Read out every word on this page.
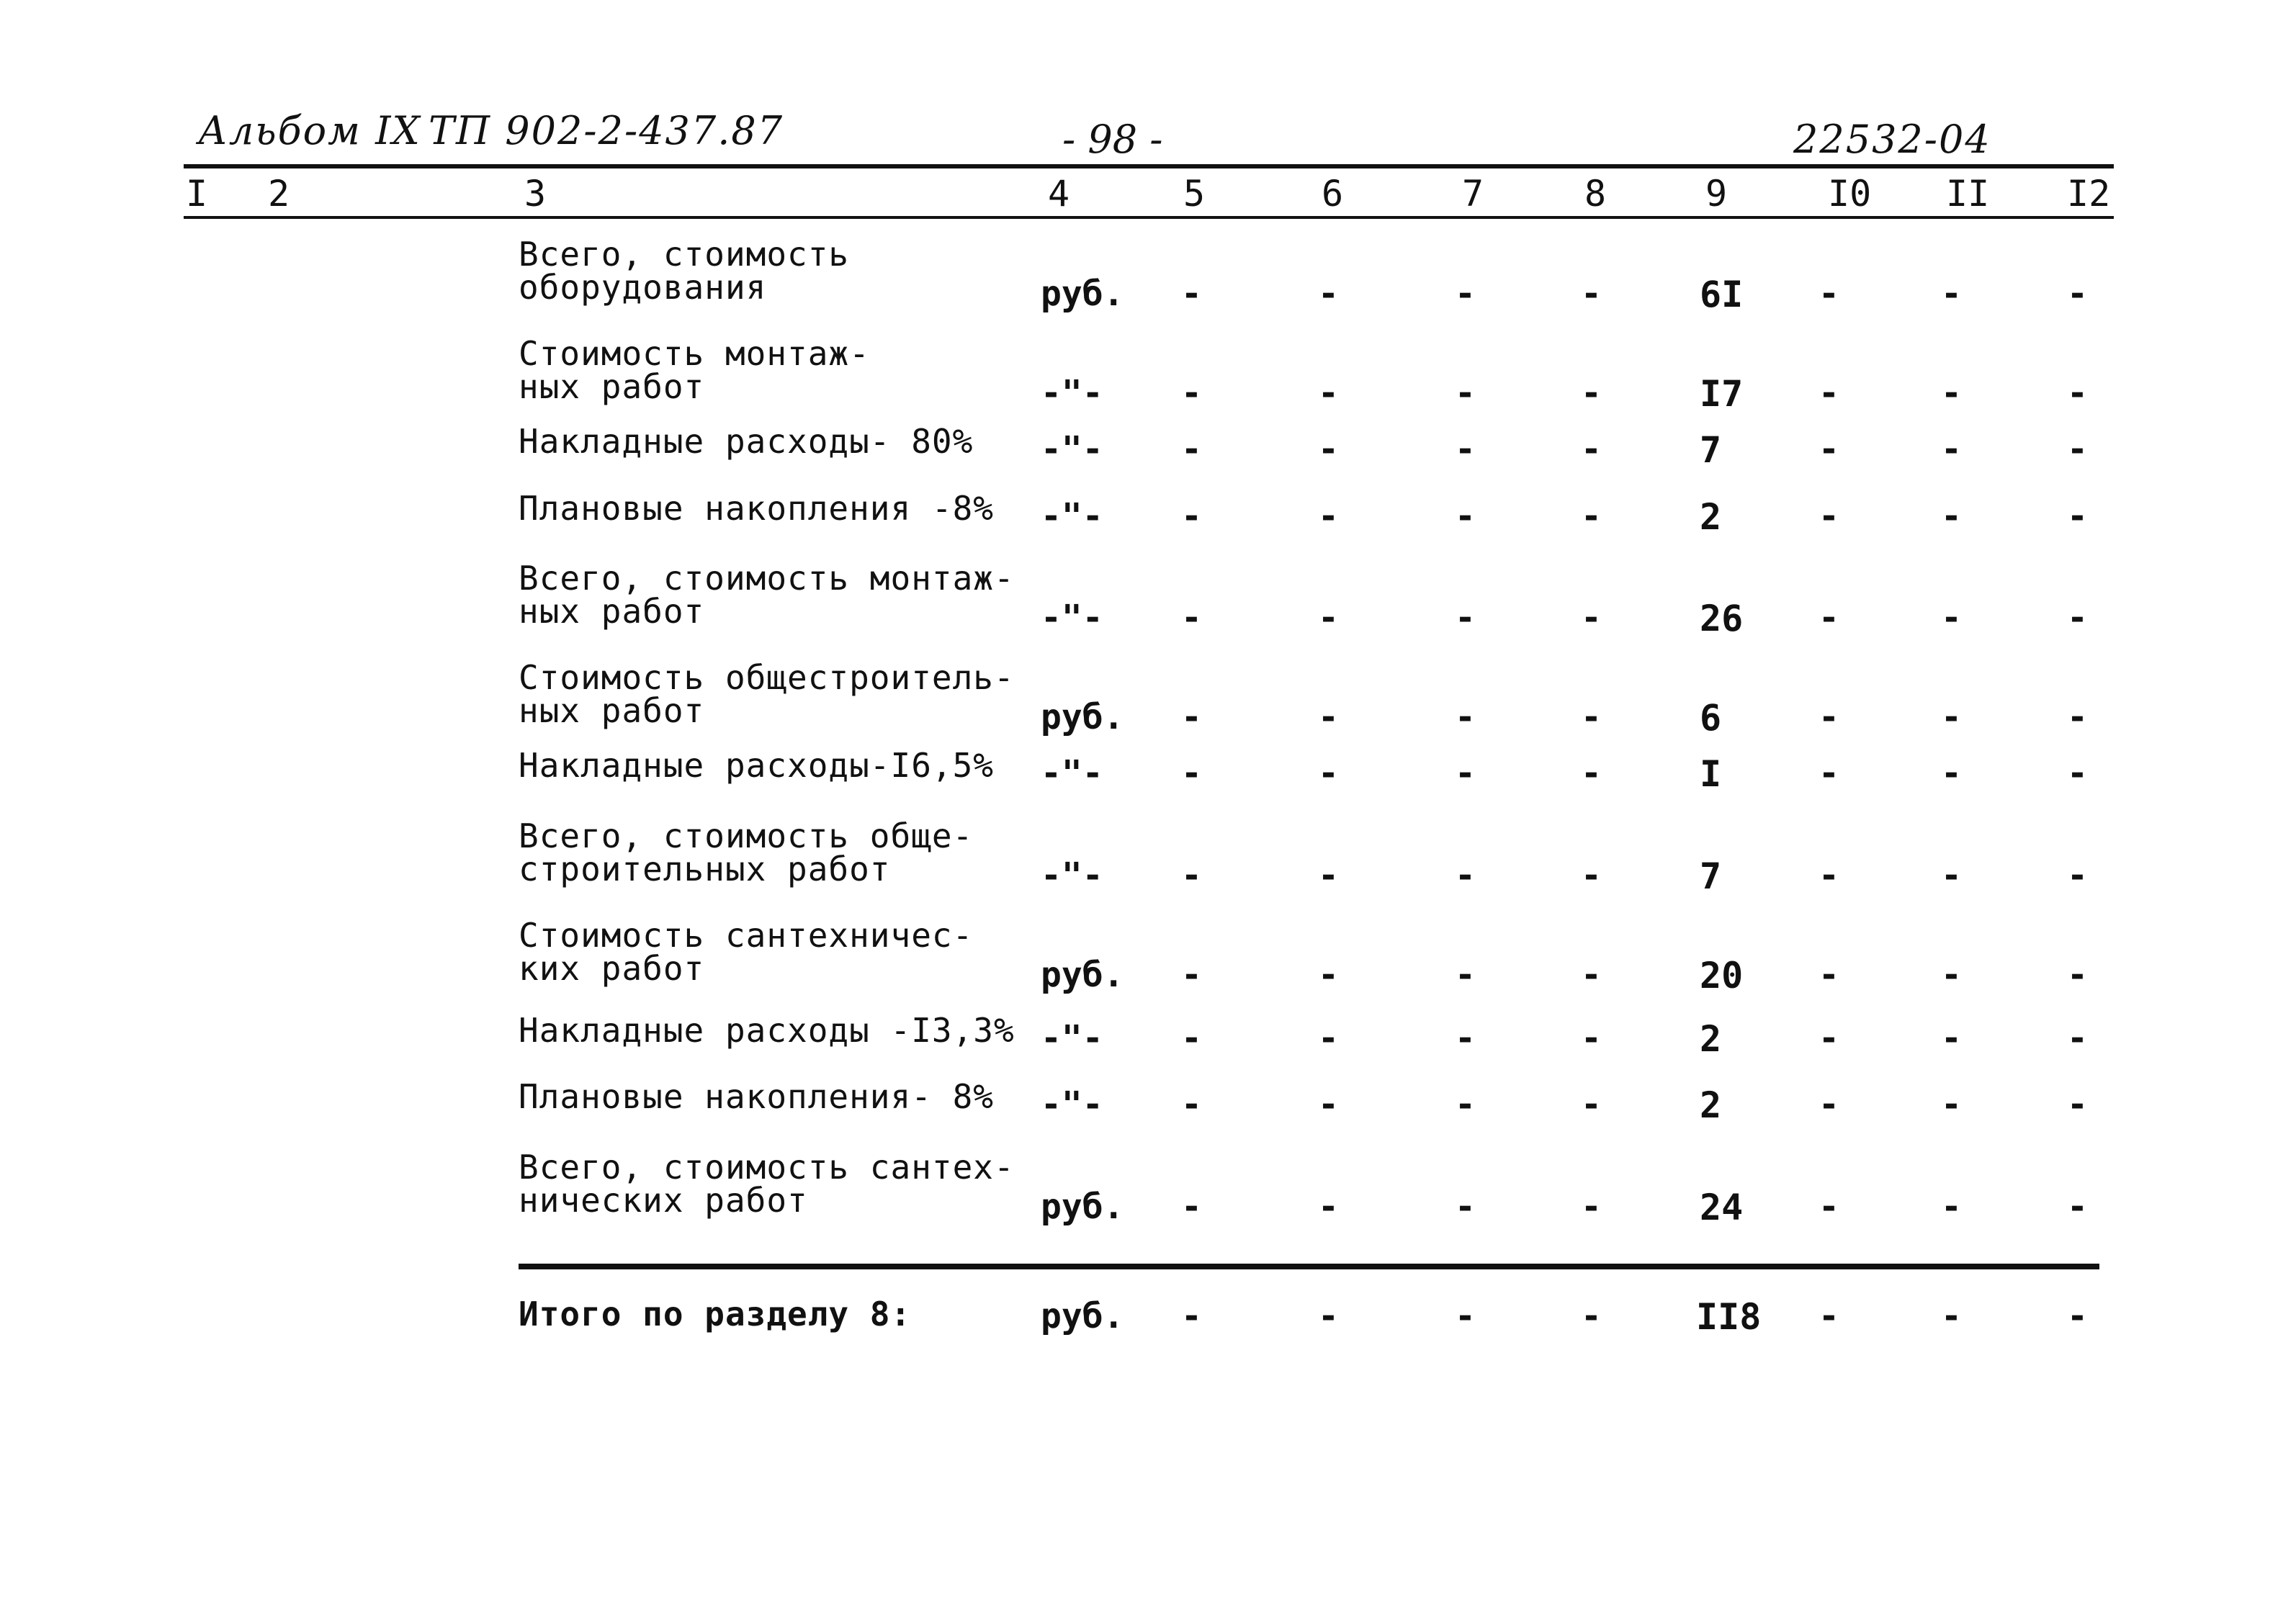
Альбом IX ТП 902-2-437.87	- 98 -	22532-04
I 2	3	4	5	6	7	8	9	I0 II I2
Всего, стоимость
оборудования	руб. -	-	-	-	6I -	-	-
Стоимость монтаж-
ных работ	-"- -	-	-	-	I7 -	-	-
Накладные расходы- 80%	-"- -	-	-	-	7	-	-	-
Плановые накопления -8%	-"- -	-	-	-	2	-	-	-
Всего, стоимость монтаж-
ных работ	-"- -	-	-	-	26 -	-	-
Стоимость общестроитель-
ных работ	руб. -	-	-	-	6	-	-	-
Накладные расходы-I6,5%	-"- -	-	-	-	I	-	-	-
Всего, стоимость обще-
строительных работ	-"- -	-	-	-	7	-	-	-
Стоимость сантехничес-
ких работ	руб. -	-	-	-	20 -	-	-
Накладные расходы -I3,3% -"- -	-	-	-	2	-	-	-
Плановые накопления- 8%	-"- -	-	-	-	2	-	-	-
Всего, стоимость сантех-
нических работ	руб. -	-	-	-	24 -	-	-
Итого по разделу 8:	руб. -	-	-	-	II8 -	-	-
